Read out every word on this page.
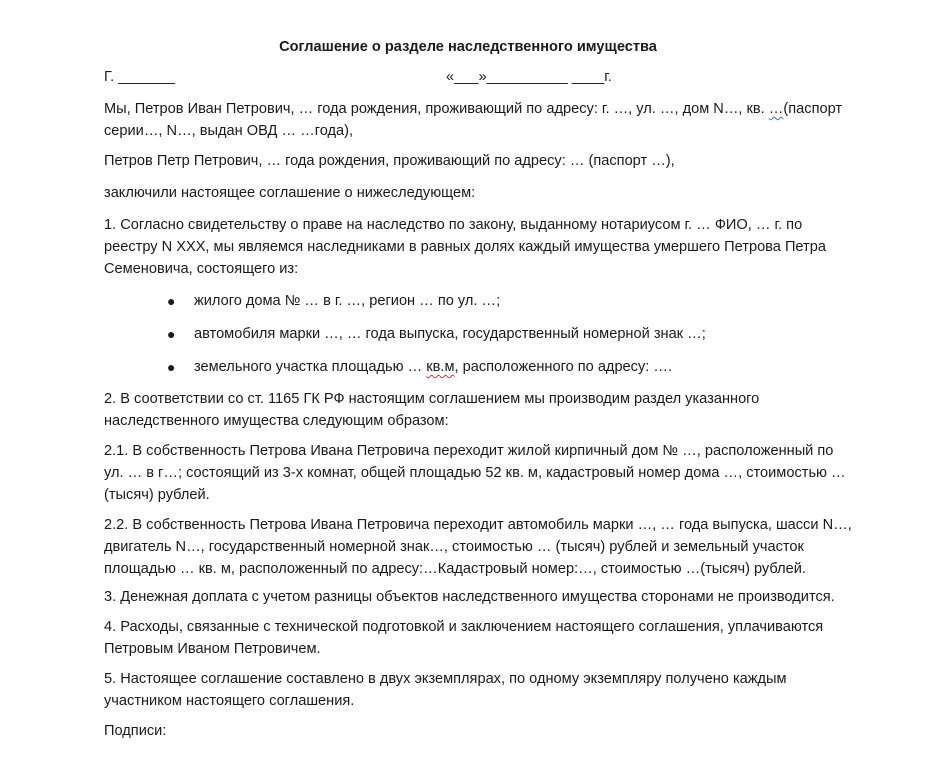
Соглашение о разделе наследственного имущества
Г. _______	«___»__________ ____г.
Мы, Петров Иван Петрович, … года рождения, проживающий по адресу: г. …, ул. …, дом N…, кв. …(паспорт
серии…, N…, выдан ОВД … …года),
Петров Петр Петрович, … года рождения, проживающий по адресу: … (паспорт …),
заключили настоящее соглашение о нижеследующем:
1. Согласно свидетельству о праве на наследство по закону, выданному нотариусом г. … ФИО, … г. по
реестру N XXX, мы являемся наследниками в равных долях каждый имущества умершего Петрова Петра
Семеновича, состоящего из:
● жилого дома № … в г. …, регион … по ул. …;
● автомобиля марки …, … года выпуска, государственный номерной знак …;
● земельного участка площадью … кв.м, расположенного по адресу: ….
2. В соответствии со ст. 1165 ГК РФ настоящим соглашением мы производим раздел указанного
наследственного имущества следующим образом:
2.1. В собственность Петрова Ивана Петровича переходит жилой кирпичный дом № …, расположенный по
ул. … в г…; состоящий из 3-х комнат, общей площадью 52 кв. м, кадастровый номер дома …, стоимостью …
(тысяч) рублей.
2.2. В собственность Петрова Ивана Петровича переходит автомобиль марки …, … года выпуска, шасси N…,
двигатель N…, государственный номерной знак…, стоимостью … (тысяч) рублей и земельный участок
площадью … кв. м, расположенный по адресу:…Кадастровый номер:…, стоимостью …(тысяч) рублей.
3. Денежная доплата с учетом разницы объектов наследственного имущества сторонами не производится.
4. Расходы, связанные с технической подготовкой и заключением настоящего соглашения, уплачиваются
Петровым Иваном Петровичем.
5. Настоящее соглашение составлено в двух экземплярах, по одному экземпляру получено каждым
участником настоящего соглашения.
Подписи:
